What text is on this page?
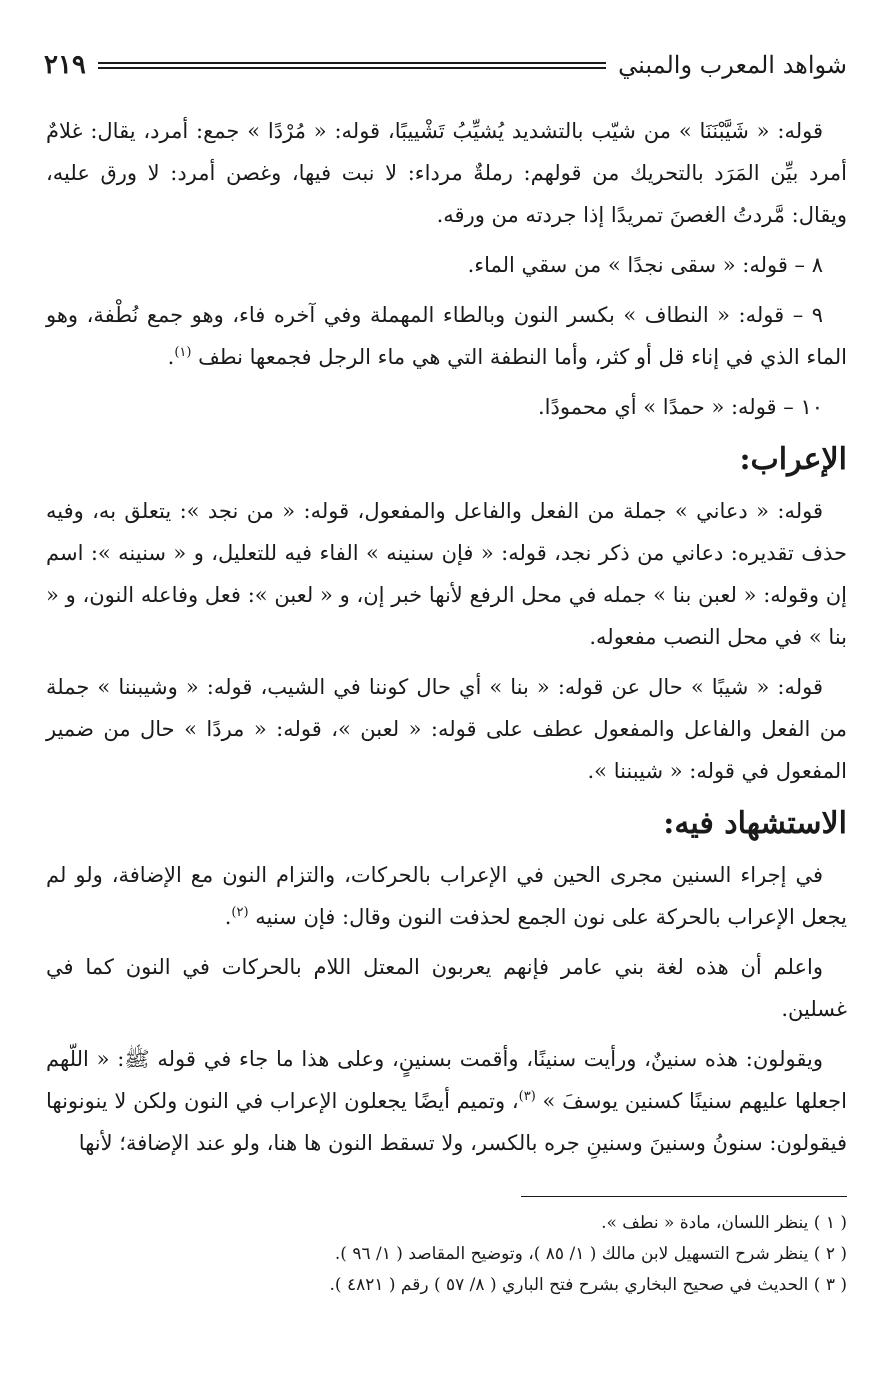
شواهد المعرب والمبني
٢١٩

قوله: « شَيَّبْنَنَا » من شيّب بالتشديد يُشيِّبُ تَشْييبًا، قوله: « مُرْدًا » جمع: أمرد، يقال: غلامٌ أمرد بيِّن المَرَد بالتحريك من قولهم: رملةٌ مرداء: لا نبت فيها، وغصن أمرد: لا ورق عليه، ويقال: مَّردتُ الغصنَ تمريدًا إذا جردته من ورقه.

٨ – قوله: « سقى نجدًا » من سقي الماء.

٩ – قوله: « النطاف » بكسر النون وبالطاء المهملة وفي آخره فاء، وهو جمع نُطْفة، وهو الماء الذي في إناء قل أو كثر، وأما النطفة التي هي ماء الرجل فجمعها نطف $^{(١)}$.

١٠ – قوله: « حمدًا » أي محمودًا.

الإعراب:

قوله: « دعاني » جملة من الفعل والفاعل والمفعول، قوله: « من نجد »: يتعلق به، وفيه حذف تقديره: دعاني من ذكر نجد، قوله: « فإن سنينه » الفاء فيه للتعليل، و « سنينه »: اسم إن وقوله: « لعبن بنا » جمله في محل الرفع لأنها خبر إن، و « لعبن »: فعل وفاعله النون، و « بنا » في محل النصب مفعوله.

قوله: « شيبًا » حال عن قوله: « بنا » أي حال كوننا في الشيب، قوله: « وشيبننا » جملة من الفعل والفاعل والمفعول عطف على قوله: « لعبن »، قوله: « مردًا » حال من ضمير المفعول في قوله: « شيبننا ».

الاستشهاد فيه:

في إجراء السنين مجرى الحين في الإعراب بالحركات، والتزام النون مع الإضافة، ولو لم يجعل الإعراب بالحركة على نون الجمع لحذفت النون وقال: فإن سنيه $^{(٢)}$.

واعلم أن هذه لغة بني عامر فإنهم يعربون المعتل اللام بالحركات في النون كما في غسلين.

ويقولون: هذه سنينٌ، ورأيت سنينًا، وأقمت بسنينٍ، وعلى هذا ما جاء في قوله ﷺ: « اللّهم اجعلها عليهم سنينًا كسنين يوسفَ » $^{(٣)}$، وتميم أيضًا يجعلون الإعراب في النون ولكن لا ينونونها فيقولون: سنونُ وسنينَ وسنينِ جره بالكسر، ولا تسقط النون ها هنا، ولو عند الإضافة؛ لأنها

( ١ ) ينظر اللسان، مادة « نطف ».
( ٢ ) ينظر شرح التسهيل لابن مالك ( ١/ ٨٥ )، وتوضيح المقاصد ( ١/ ٩٦ ).
( ٣ ) الحديث في صحيح البخاري بشرح فتح الباري ( ٨/ ٥٧ ) رقم ( ٤٨٢١ ).
